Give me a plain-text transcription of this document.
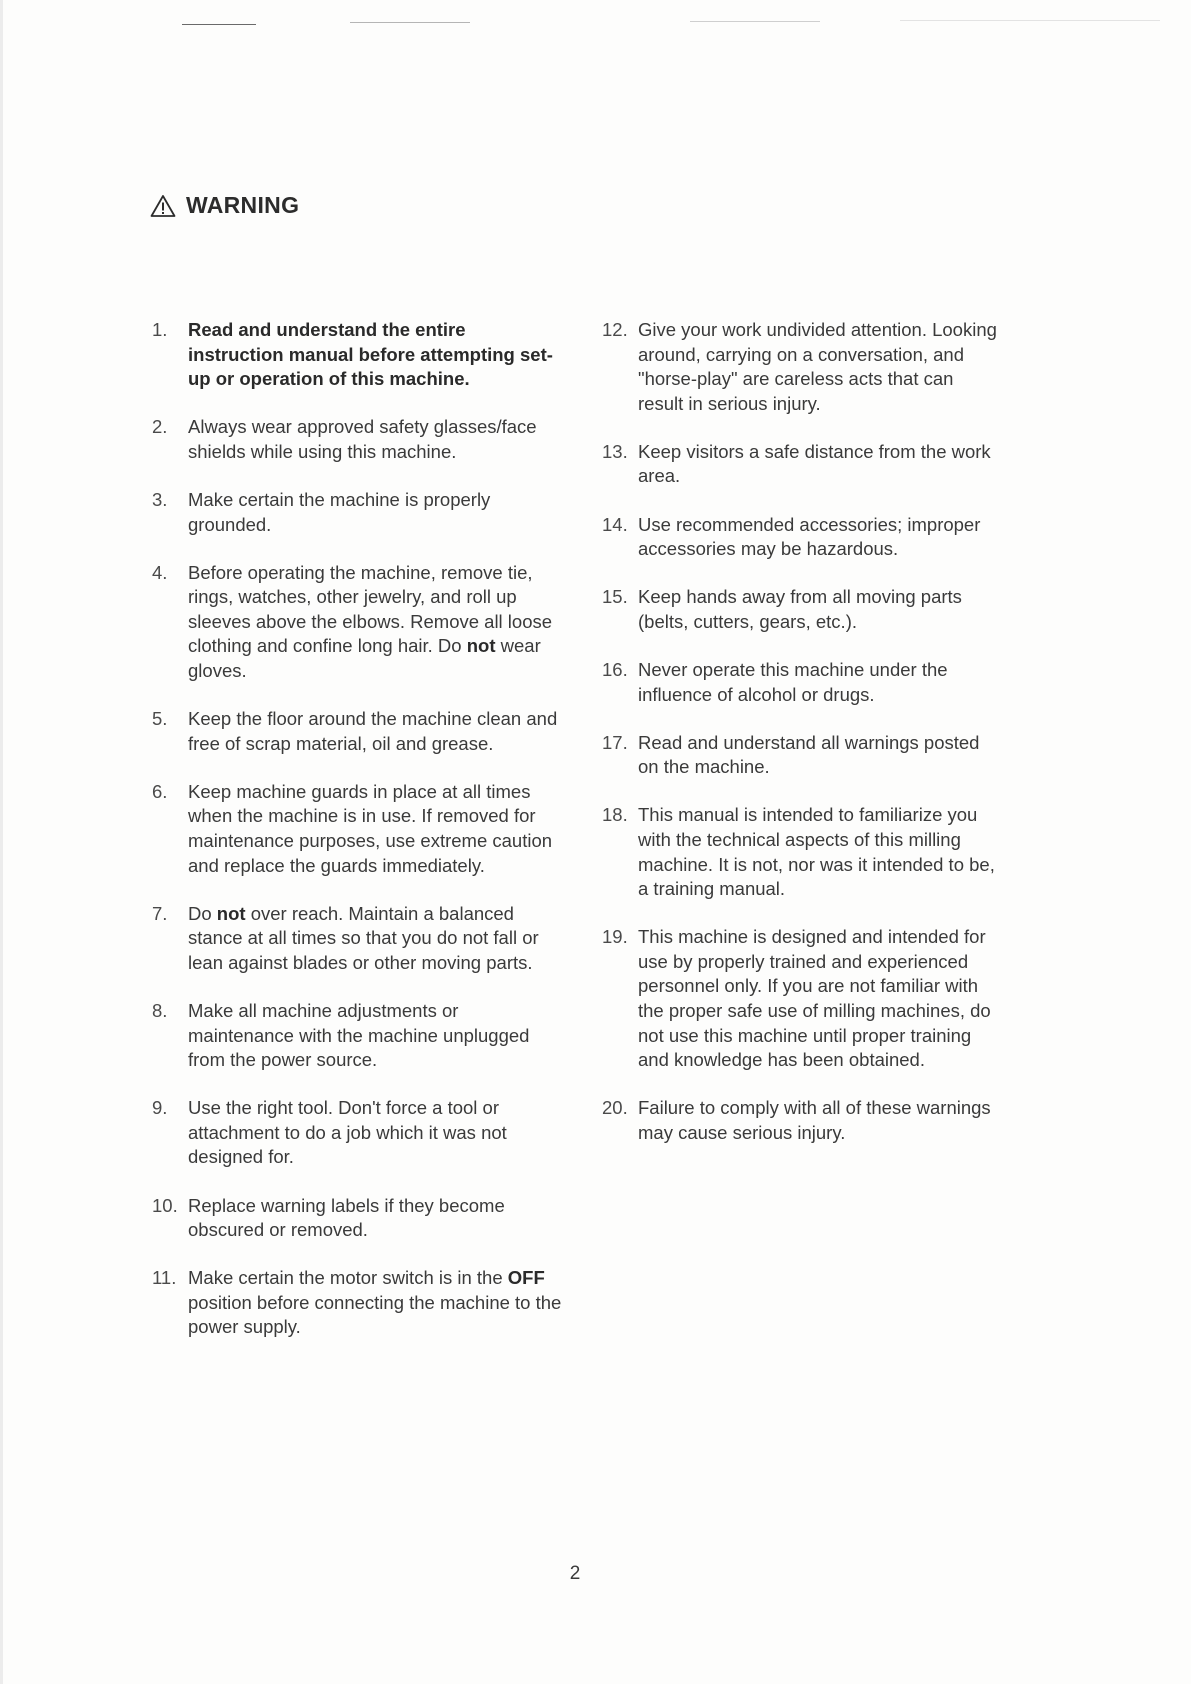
WARNING
1. Read and understand the entire instruction manual before attempting set-up or operation of this machine.
2. Always wear approved safety glasses/face shields while using this machine.
3. Make certain the machine is properly grounded.
4. Before operating the machine, remove tie, rings, watches, other jewelry, and roll up sleeves above the elbows. Remove all loose clothing and confine long hair. Do not wear gloves.
5. Keep the floor around the machine clean and free of scrap material, oil and grease.
6. Keep machine guards in place at all times when the machine is in use. If removed for maintenance purposes, use extreme caution and replace the guards immediately.
7. Do not over reach. Maintain a balanced stance at all times so that you do not fall or lean against blades or other moving parts.
8. Make all machine adjustments or maintenance with the machine unplugged from the power source.
9. Use the right tool. Don't force a tool or attachment to do a job which it was not designed for.
10. Replace warning labels if they become obscured or removed.
11. Make certain the motor switch is in the OFF position before connecting the machine to the power supply.
12. Give your work undivided attention. Looking around, carrying on a conversation, and "horse-play" are careless acts that can result in serious injury.
13. Keep visitors a safe distance from the work area.
14. Use recommended accessories; improper accessories may be hazardous.
15. Keep hands away from all moving parts (belts, cutters, gears, etc.).
16. Never operate this machine under the influence of alcohol or drugs.
17. Read and understand all warnings posted on the machine.
18. This manual is intended to familiarize you with the technical aspects of this milling machine. It is not, nor was it intended to be, a training manual.
19. This machine is designed and intended for use by properly trained and experienced personnel only. If you are not familiar with the proper safe use of milling machines, do not use this machine until proper training and knowledge has been obtained.
20. Failure to comply with all of these warnings may cause serious injury.
2
